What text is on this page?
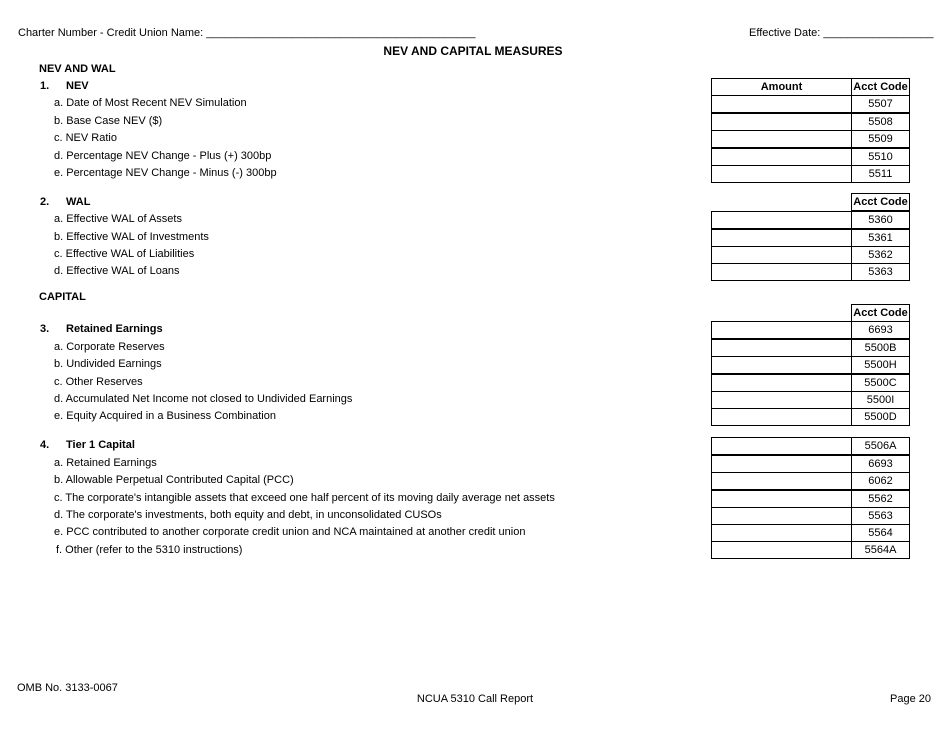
Charter Number - Credit Union Name: ____________________________________________	Effective Date: __________________
NEV AND CAPITAL MEASURES
NEV AND WAL
1. NEV	Amount	Acct Code
a. Date of Most Recent NEV Simulation	5507
b. Base Case NEV ($)	5508
c. NEV Ratio	5509
d. Percentage NEV Change - Plus (+) 300bp	5510
e. Percentage NEV Change - Minus (-) 300bp	5511
2. WAL	Acct Code
a. Effective WAL of Assets	5360
b. Effective WAL of Investments	5361
c. Effective WAL of Liabilities	5362
d. Effective WAL of Loans	5363
CAPITAL
Acct Code
3. Retained Earnings	6693
a. Corporate Reserves	5500B
b. Undivided Earnings	5500H
c. Other Reserves	5500C
d. Accumulated Net Income not closed to Undivided Earnings	5500I
e. Equity Acquired in a Business Combination	5500D
4. Tier 1 Capital	5506A
a. Retained Earnings	6693
b. Allowable Perpetual Contributed Capital (PCC)	6062
c. The corporate's intangible assets that exceed one half percent of its moving daily average net assets	5562
d. The corporate's investments, both equity and debt, in unconsolidated CUSOs	5563
e. PCC contributed to another corporate credit union and NCA maintained at another credit union	5564
f. Other (refer to the 5310 instructions)	5564A
OMB No. 3133-0067
NCUA 5310 Call Report	Page 20
